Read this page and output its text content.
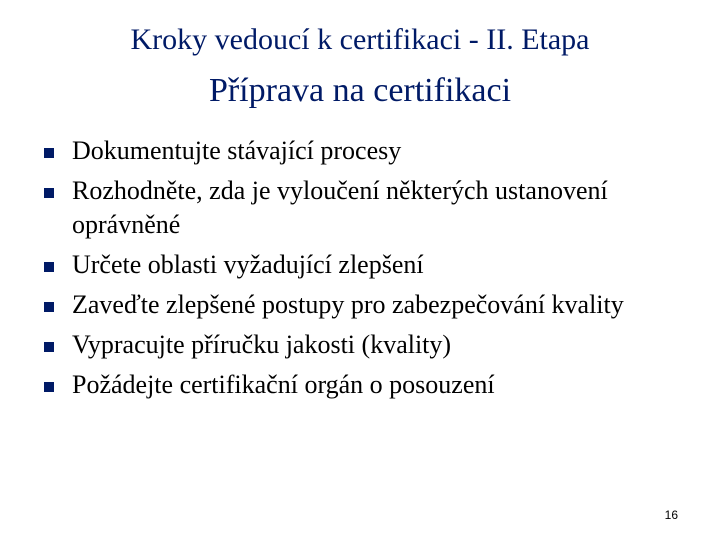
Kroky vedoucí k certifikaci - II. Etapa
Příprava na certifikaci
Dokumentujte stávající procesy
Rozhodněte, zda je vyloučení některých ustanovení oprávněné
Určete oblasti vyžadující zlepšení
Zaveďte zlepšené postupy pro zabezpečování kvality
Vypracujte příručku jakosti (kvality)
Požádejte certifikační orgán o posouzení
16
